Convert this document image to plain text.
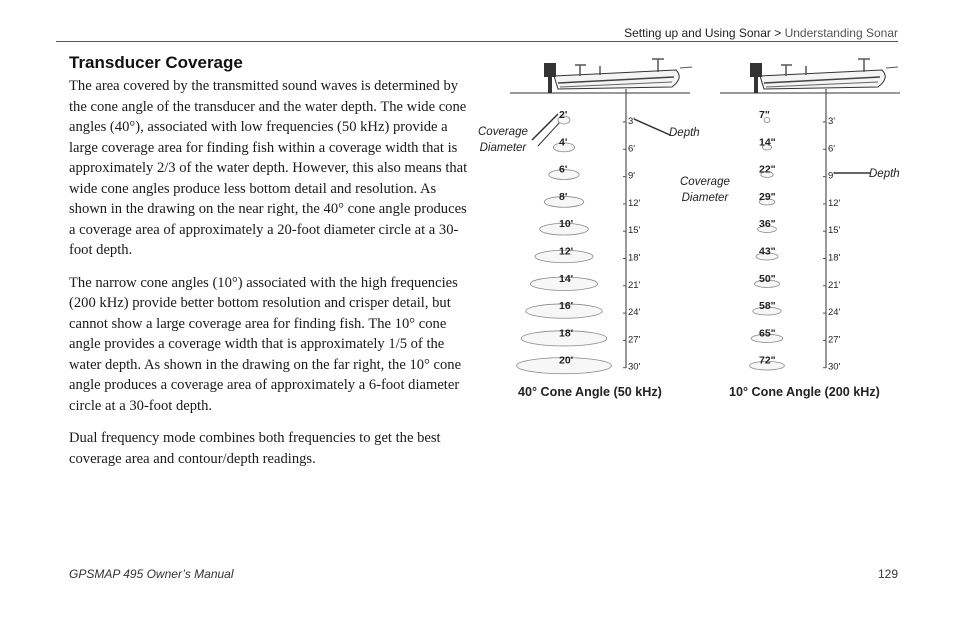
Setting up and Using Sonar > Understanding Sonar
Transducer Coverage

The area covered by the transmitted sound waves is determined by the cone angle of the transducer and the water depth. The wide cone angles (40°), associated with low frequencies (50 kHz) provide a large coverage area for finding fish within a coverage width that is approximately 2/3 of the water depth. However, this also means that wide cone angles produce less bottom detail and resolution. As shown in the drawing on the near right, the 40° cone angle produces a coverage area of approximately a 20-foot diameter circle at a 30-foot depth.

The narrow cone angles (10°) associated with the high frequencies (200 kHz) provide better bottom resolution and crisper detail, but cannot show a large coverage area for finding fish. The 10° cone angle provides a coverage width that is approximately 1/5 of the water depth. As shown in the drawing on the far right, the 10° cone angle produces a coverage area of approximately a 6-foot diameter circle at a 30-foot depth.

Dual frequency mode combines both frequencies to get the best coverage area and contour/depth readings.

2'
3'
7"
3'
4'
6'
14"
6'
6'
9'
22"
9'
8'
12'
29"
12'
10'
15'
36"
15'
12'
18'
43"
18'
14'
21'
50"
21'
16'
24'
58"
24'
18'
27'
65"
27'
20'
30'
72"
30'
Coverage
Diameter
Depth
Coverage
Diameter
Depth
40° Cone Angle (50 kHz)	10° Cone Angle (200 kHz)
GPSMAP 495 Owner’s Manual	129
